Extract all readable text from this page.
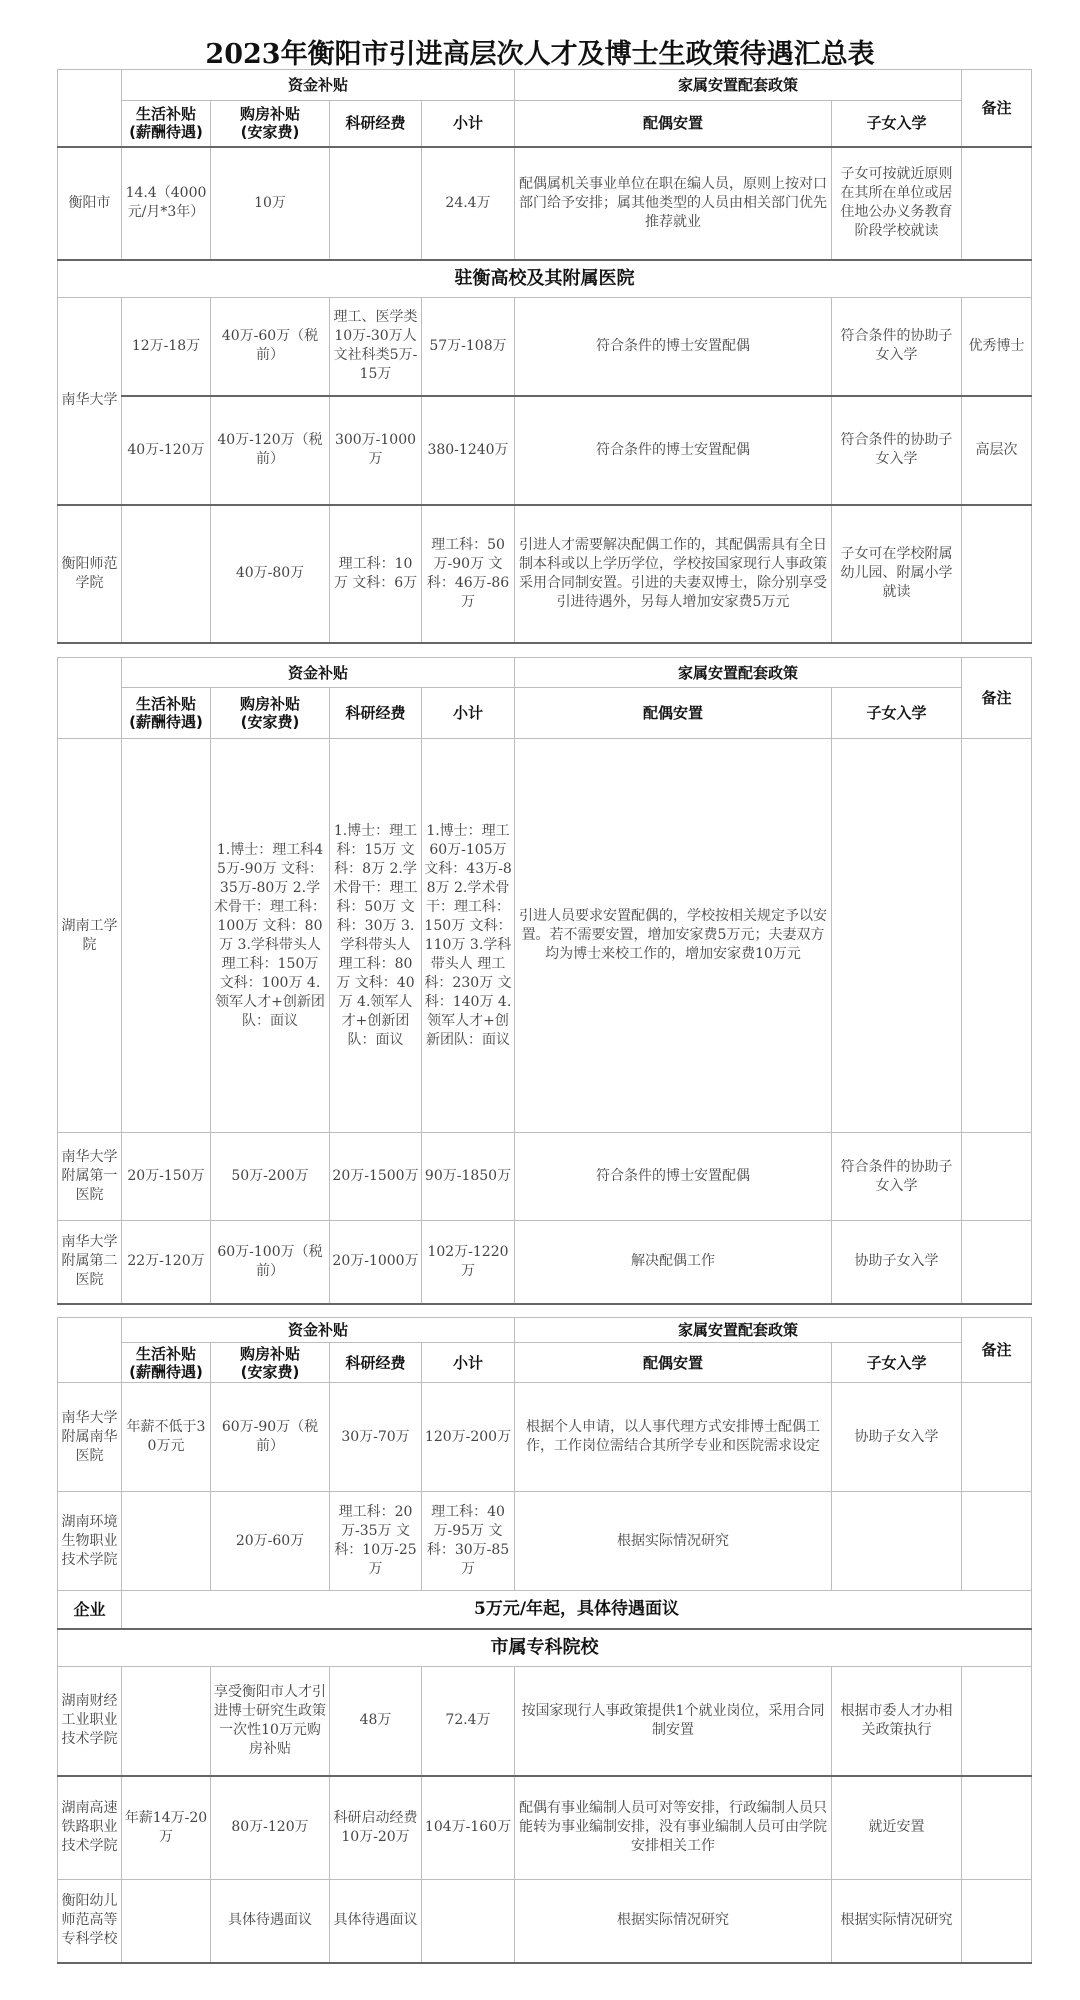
2023年衡阳市引进高层次人才及博士生政策待遇汇总表
	资金补贴				家属安置配套政策		备注
	生活补贴
(薪酬待遇)	购房补贴
(安家费)	科研经费	小计	配偶安置	子女入学	
衡阳市	14.4（4000元/月*3年）	10万		24.4万	配偶属机关事业单位在职在编人员，原则上按对口部门给予安排；属其他类型的人员由相关部门优先推荐就业	子女可按就近原则在其所在单位或居住地公办义务教育阶段学校就读	
驻衡高校及其附属医院							
南华大学	12万-18万	40万-60万（税前）	理工、医学类10万-30万人文社科类5万-15万	57万-108万	符合条件的博士安置配偶	符合条件的协助子女入学	优秀博士
	40万-120万	40万-120万（税前）	300万-1000万	380-1240万	符合条件的博士安置配偶	符合条件的协助子女入学	高层次
衡阳师范学院		40万-80万	理工科：10万 文科：6万	理工科：50万-90万 文科：46万-86万	引进人才需要解决配偶工作的，其配偶需具有全日制本科或以上学历学位，学校按国家现行人事政策采用合同制安置。引进的夫妻双博士，除分别享受引进待遇外，另每人增加安家费5万元	子女可在学校附属幼儿园、附属小学就读	
	资金补贴				家属安置配套政策		备注
	生活补贴
(薪酬待遇)	购房补贴
(安家费)	科研经费	小计	配偶安置	子女入学	
湖南工学院		1.博士：理工科45万-90万 文科：35万-80万 2.学术骨干：理工科：100万 文科：80万 3.学科带头人 理工科：150万 文科：100万 4.领军人才+创新团队：面议	1.博士：理工科：15万 文科：8万 2.学术骨干：理工科：50万 文科：30万 3.学科带头人 理工科：80万 文科：40万 4.领军人才+创新团队：面议	1.博士：理工60万-105万 文科：43万-88万 2.学术骨干：理工科：150万 文科：110万 3.学科带头人 理工科：230万 文科：140万 4.领军人才+创新团队：面议	引进人员要求安置配偶的，学校按相关规定予以安置。若不需要安置，增加安家费5万元；夫妻双方均为博士来校工作的，增加安家费10万元		
南华大学附属第一医院	20万-150万	50万-200万	20万-1500万	90万-1850万	符合条件的博士安置配偶	符合条件的协助子女入学	
南华大学附属第二医院	22万-120万	60万-100万（税前）	20万-1000万	102万-1220万	解决配偶工作	协助子女入学	
	资金补贴				家属安置配套政策		备注
	生活补贴
(薪酬待遇)	购房补贴
(安家费)	科研经费	小计	配偶安置	子女入学	
南华大学附属南华医院	年薪不低于30万元	60万-90万（税前）	30万-70万	120万-200万	根据个人申请，以人事代理方式安排博士配偶工作，工作岗位需结合其所学专业和医院需求设定	协助子女入学	
湖南环境生物职业技术学院		20万-60万	理工科：20万-35万 文科：10万-25万	理工科：40万-95万 文科：30万-85万	根据实际情况研究		
企业	5万元/年起，具体待遇面议						
市属专科院校							
湖南财经工业职业技术学院		享受衡阳市人才引进博士研究生政策一次性10万元购房补贴	48万	72.4万	按国家现行人事政策提供1个就业岗位，采用合同制安置	根据市委人才办相关政策执行	
湖南高速铁路职业技术学院	年薪14万-20万	80万-120万	科研启动经费10万-20万	104万-160万	配偶有事业编制人员可对等安排，行政编制人员只能转为事业编制安排，没有事业编制人员可由学院安排相关工作	就近安置	
衡阳幼儿师范高等专科学校		具体待遇面议	具体待遇面议		根据实际情况研究	根据实际情况研究	
